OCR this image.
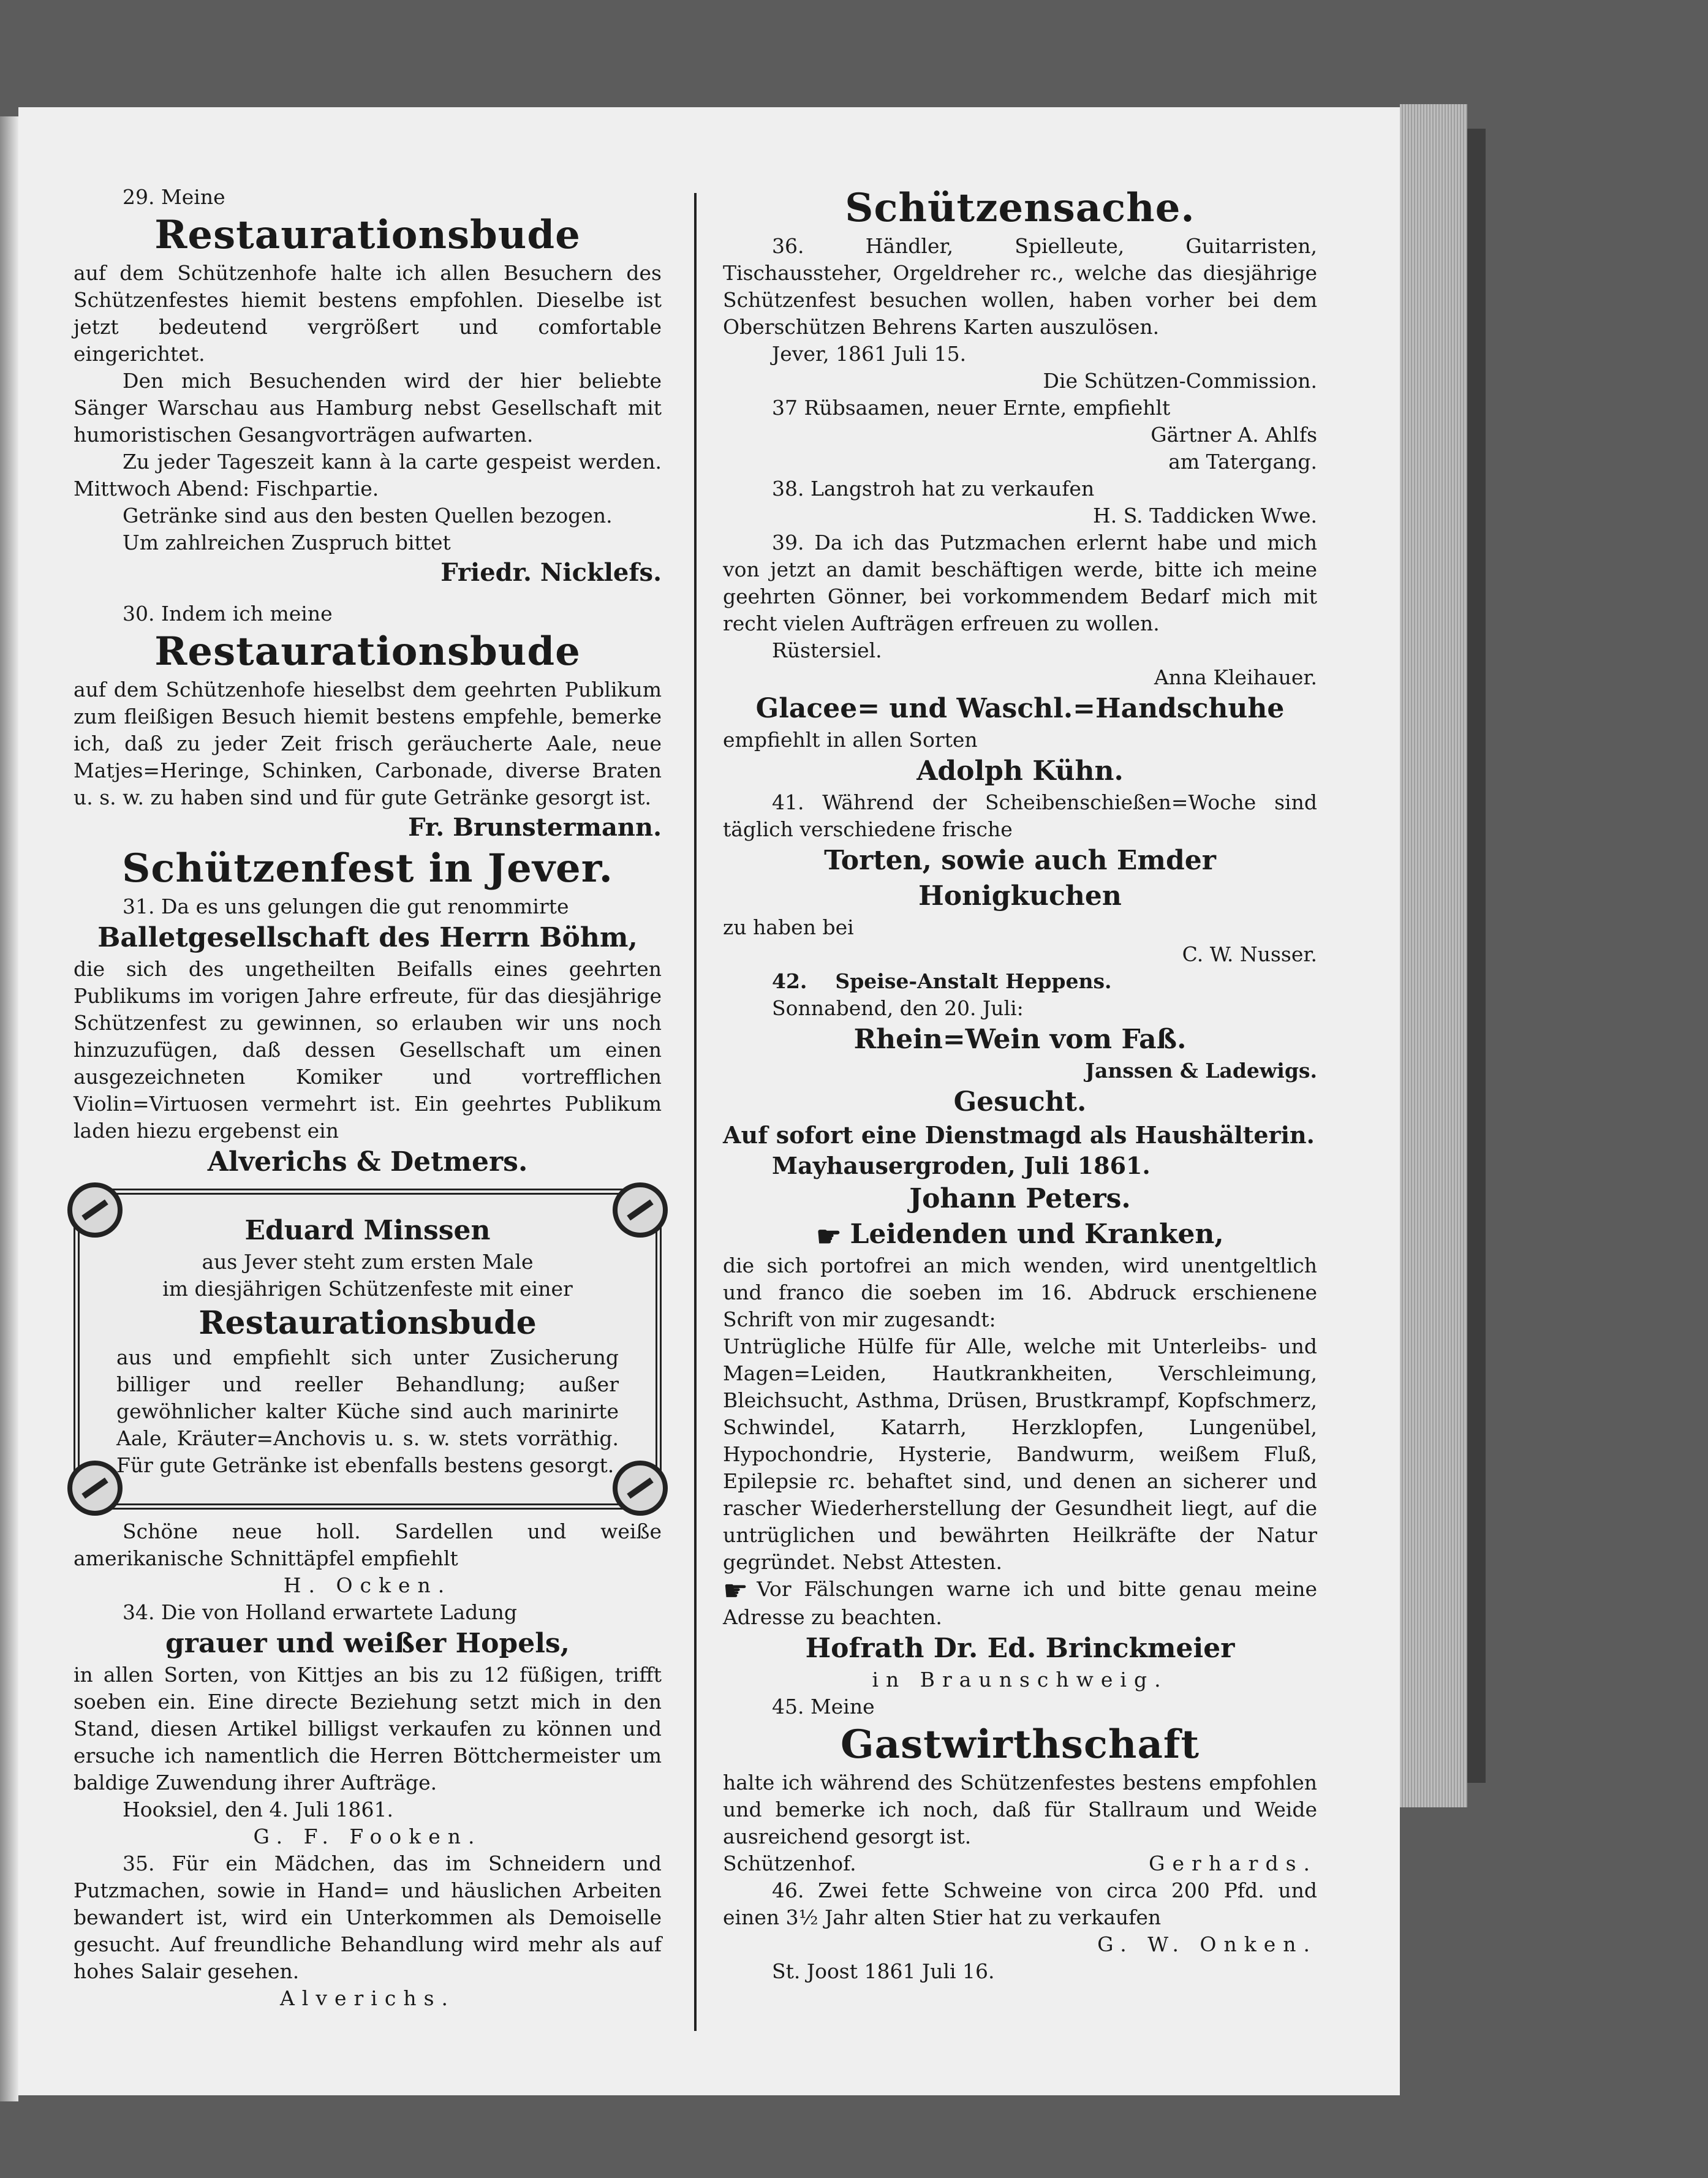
29. Meine
Restaurationsbude
auf dem Schützenhofe halte ich allen Besuchern des Schützenfestes hiemit bestens empfohlen. Dieselbe ist jetzt bedeutend vergrößert und comfortable eingerichtet.
Den mich Besuchenden wird der hier beliebte Sänger Warschau aus Hamburg nebst Gesellschaft mit humoristischen Gesangvorträgen aufwarten.
Zu jeder Tageszeit kann à la carte gespeist werden. Mittwoch Abend: Fischpartie.
Getränke sind aus den besten Quellen bezogen.
Um zahlreichen Zuspruch bittet
Friedr. Nicklefs.
30. Indem ich meine
Restaurationsbude
auf dem Schützenhofe hieselbst dem geehrten Publikum zum fleißigen Besuch hiemit bestens empfehle, bemerke ich, daß zu jeder Zeit frisch geräucherte Aale, neue Matjes=Heringe, Schinken, Carbonade, diverse Braten u. s. w. zu haben sind und für gute Getränke gesorgt ist.
Fr. Brunstermann.
Schützenfest in Jever.
31. Da es uns gelungen die gut renommirte
Balletgesellschaft des Herrn Böhm,
die sich des ungetheilten Beifalls eines geehrten Publikums im vorigen Jahre erfreute, für das diesjährige Schützenfest zu gewinnen, so erlauben wir uns noch hinzuzufügen, daß dessen Gesellschaft um einen ausgezeichneten Komiker und vortrefflichen Violin=Virtuosen vermehrt ist. Ein geehrtes Publikum laden hiezu ergebenst ein
Alverichs & Detmers.
Eduard Minssen
aus Jever steht zum ersten Male
im diesjährigen Schützenfeste mit einer
Restaurationsbude
aus und empfiehlt sich unter Zusicherung billiger und reeller Behandlung; außer gewöhnlicher kalter Küche sind auch marinirte Aale, Kräuter=Anchovis u. s. w. stets vorräthig. Für gute Getränke ist ebenfalls bestens gesorgt.
Schöne neue holl. Sardellen und weiße amerikanische Schnittäpfel empfiehlt
H. Ocken.
34. Die von Holland erwartete Ladung
grauer und weißer Hopels,
in allen Sorten, von Kittjes an bis zu 12 füßigen, trifft soeben ein. Eine directe Beziehung setzt mich in den Stand, diesen Artikel billigst verkaufen zu können und ersuche ich namentlich die Herren Böttchermeister um baldige Zuwendung ihrer Aufträge.
Hooksiel, den 4. Juli 1861.
G. F. Fooken.
35. Für ein Mädchen, das im Schneidern und Putzmachen, sowie in Hand= und häuslichen Arbeiten bewandert ist, wird ein Unterkommen als Demoiselle gesucht. Auf freundliche Behandlung wird mehr als auf hohes Salair gesehen.
Alverichs.
Schützensache.
36. Händler, Spielleute, Guitarristen, Tischaussteher, Orgeldreher rc., welche das diesjährige Schützenfest besuchen wollen, haben vorher bei dem Oberschützen Behrens Karten auszulösen.
Jever, 1861 Juli 15.
Die Schützen-Commission.
37 Rübsaamen, neuer Ernte, empfiehlt
Gärtner A. Ahlfs
am Tatergang.
38. Langstroh hat zu verkaufen
H. S. Taddicken Wwe.
39. Da ich das Putzmachen erlernt habe und mich von jetzt an damit beschäftigen werde, bitte ich meine geehrten Gönner, bei vorkommendem Bedarf mich mit recht vielen Aufträgen erfreuen zu wollen.
Rüstersiel.
Anna Kleihauer.
Glacee= und Waschl.=Handschuhe
empfiehlt in allen Sorten
Adolph Kühn.
41. Während der Scheibenschießen=Woche sind täglich verschiedene frische
Torten, sowie auch Emder Honigkuchen
zu haben bei
C. W. Nusser.
42. Speise-Anstalt Heppens.
Sonnabend, den 20. Juli:
Rhein=Wein vom Faß.
Janssen & Ladewigs.
Gesucht.
Auf sofort eine Dienstmagd als Haushälterin.
Mayhausergroden, Juli 1861.
Johann Peters.
☛ Leidenden und Kranken,
die sich portofrei an mich wenden, wird unentgeltlich und franco die soeben im 16. Abdruck erschienene Schrift von mir zugesandt:
Untrügliche Hülfe für Alle, welche mit Unterleibs- und Magen=Leiden, Hautkrankheiten, Verschleimung, Bleichsucht, Asthma, Drüsen, Brustkrampf, Kopfschmerz, Schwindel, Katarrh, Herzklopfen, Lungenübel, Hypochondrie, Hysterie, Bandwurm, weißem Fluß, Epilepsie rc. behaftet sind, und denen an sicherer und rascher Wiederherstellung der Gesundheit liegt, auf die untrüglichen und bewährten Heilkräfte der Natur gegründet. Nebst Attesten.
☛ Vor Fälschungen warne ich und bitte genau meine Adresse zu beachten.
Hofrath Dr. Ed. Brinckmeier
in Braunschweig.
45. Meine
Gastwirthschaft
halte ich während des Schützenfestes bestens empfohlen und bemerke ich noch, daß für Stallraum und Weide ausreichend gesorgt ist.
Schützenhof.	Gerhards.
46. Zwei fette Schweine von circa 200 Pfd. und einen 3½ Jahr alten Stier hat zu verkaufen
G. W. Onken.
St. Joost 1861 Juli 16.
